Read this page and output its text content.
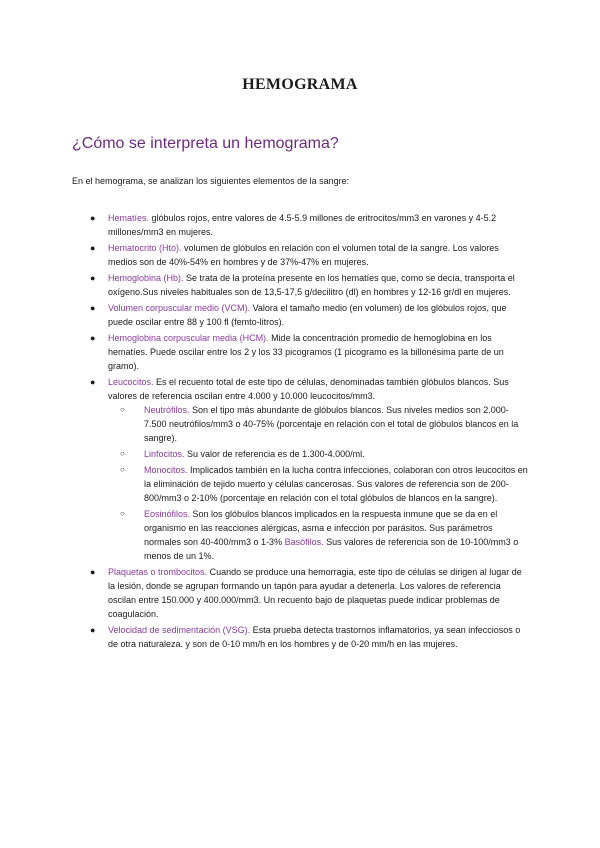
HEMOGRAMA
¿Cómo se interpreta un hemograma?

En el hemograma, se analizan los siguientes elementos de la sangre:

● Hematíes. glóbulos rojos, entre valores de 4.5-5.9 millones de eritrocitos/mm3 en varones y 4-5.2 millones/mm3 en mujeres.
● Hematocrito (Hto). volumen de glóbulos en relación con el volumen total de la sangre. Los valores medios son de 40%-54% en hombres y de 37%-47% en mujeres.
● Hemoglobina (Hb). Se trata de la proteína presente en los hematíes que, como se decía, transporta el oxígeno.Sus niveles habituales son de 13,5-17,5 g/decilitro (dl) en hombres y 12-16 gr/dl en mujeres.
● Volumen corpuscular medio (VCM). Valora el tamaño medio (en volumen) de los glóbulos rojos, que puede oscilar entre 88 y 100 fl (femto-litros).
● Hemoglobina corpuscular media (HCM). Mide la concentración promedio de hemoglobina en los hematíes. Puede oscilar entre los 2 y los 33 picogramos (1 picogramo es la billonésima parte de un gramo).
● Leucocitos. Es el recuento total de este tipo de células, denominadas también glóbulos blancos. Sus valores de referencia oscilan entre 4.000 y 10.000 leucocitos/mm3.
○ Neutrófilos. Son el tipo más abundante de glóbulos blancos. Sus niveles medios son 2.000-7.500 neutrófilos/mm3 o 40-75% (porcentaje en relación con el total de glóbulos blancos en la sangre).
○ Linfocitos. Su valor de referencia es de 1.300-4.000/ml.
○ Monocitos. Implicados también en la lucha contra infecciones, colaboran con otros leucocitos en la eliminación de tejido muerto y células cancerosas. Sus valores de referencia son de 200-800/mm3 o 2-10% (porcentaje en relación con el total glóbulos de blancos en la sangre).
○ Eosinófilos. Son los glóbulos blancos implicados en la respuesta inmune que se da en el organismo en las reacciones alérgicas, asma e infección por parásitos. Sus parámetros normales son 40-400/mm3 o 1-3% Basófilos. Sus valores de referencia son de 10-100/mm3 o menos de un 1%.
● Plaquetas o trombocitos. Cuando se produce una hemorragia, este tipo de células se dirigen al lugar de la lesión, donde se agrupan formando un tapón para ayudar a detenerla. Los valores de referencia oscilan entre 150.000 y 400.000/mm3. Un recuento bajo de plaquetas puede indicar problemas de coagulación.
● Velocidad de sedimentación (VSG). Esta prueba detecta trastornos inflamatorios, ya sean infecciosos o de otra naturaleza. y son de 0-10 mm/h en los hombres y de 0-20 mm/h en las mujeres.
